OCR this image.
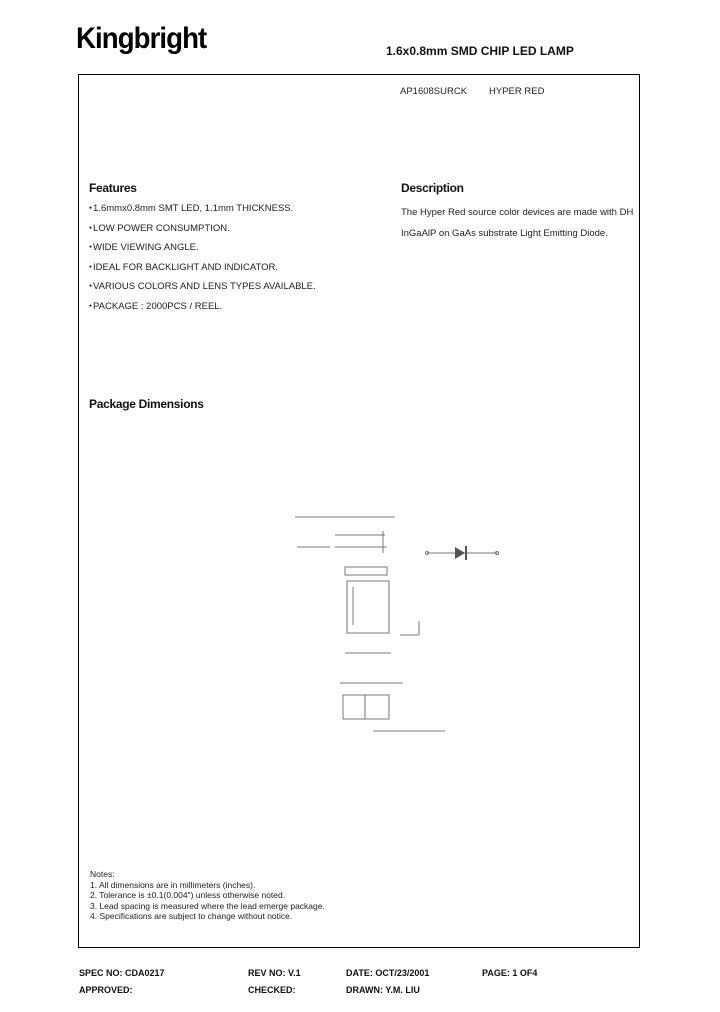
Kingbright	1.6x0.8mm SMD CHIP LED LAMP
AP1608SURCK HYPER RED
Features
● 1.6mmx0.8mm SMT LED, 1.1mm THICKNESS.
● LOW POWER CONSUMPTION.
● WIDE VIEWING ANGLE.
● IDEAL FOR BACKLIGHT AND INDICATOR.
● VARIOUS COLORS AND LENS TYPES AVAILABLE.
● PACKAGE : 2000PCS / REEL.
Description
The Hyper Red source color devices are made with DH
InGaAlP on GaAs substrate Light Emitting Diode.
Package Dimensions
Notes:
1. All dimensions are in millimeters (inches).
2. Tolerance is ±0.1(0.004") unless otherwise noted.
3. Lead spacing is measured where the lead emerge package.
4. Specifications are subject to change without notice.
SPEC NO: CDA0217	REV NO: V.1	DATE: OCT/23/2001	PAGE: 1 OF4
APPROVED:	CHECKED:	DRAWN: Y.M. LIU
